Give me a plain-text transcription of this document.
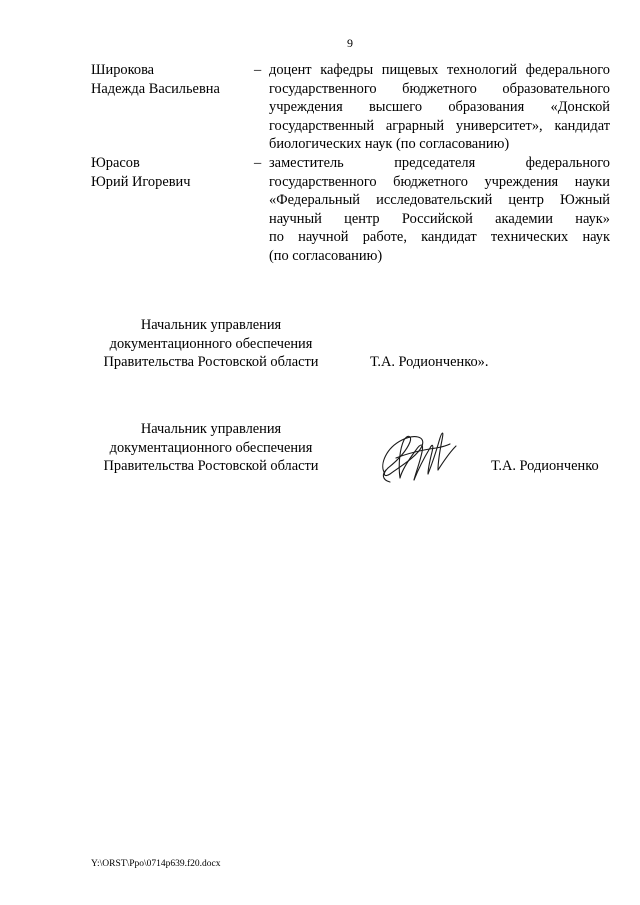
9
Широкова
Надежда Васильевна
– доцент кафедры пищевых технологий федерального
государственного бюджетного образовательного
учреждения высшего образования «Донской
государственный аграрный университет», кандидат
биологических наук (по согласованию)
Юрасов
Юрий Игоревич
– заместитель председателя федерального
государственного бюджетного учреждения науки
«Федеральный исследовательский центр Южный
научный центр Российской академии наук»
по научной работе, кандидат технических наук
(по согласованию)
Начальник управления
документационного обеспечения
Правительства Ростовской области	Т.А. Родионченко».
Начальник управления
документационного обеспечения
Правительства Ростовской области	Т.А. Родионченко
Y:\ORST\Ppo\0714p639.f20.docx
